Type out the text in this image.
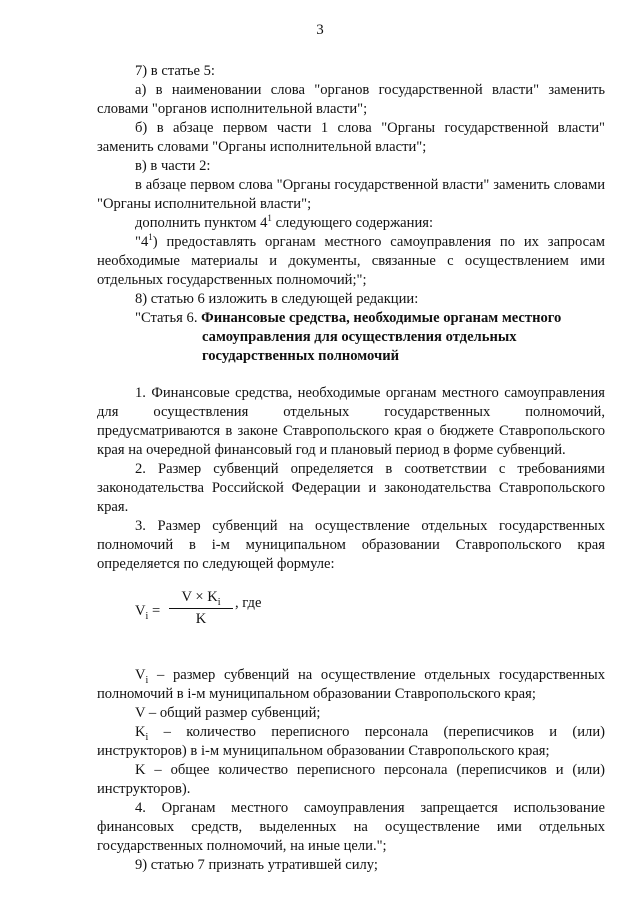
3

7) в статье 5:

а) в наименовании слова "органов государственной власти" заменить словами "органов исполнительной власти";

б) в абзаце первом части 1 слова "Органы государственной власти" заменить словами "Органы исполнительной власти";

в) в части 2:

в абзаце первом слова "Органы государственной власти" заменить словами "Органы исполнительной власти";

дополнить пунктом $4^1$ следующего содержания:

"$4^1$) предоставлять органам местного самоуправления по их запросам необходимые материалы и документы, связанные с осуществлением ими отдельных государственных полномочий;";

8) статью 6 изложить в следующей редакции:

"Статья 6. Финансовые средства, необходимые органам местного

самоуправления для осуществления отдельных государственных полномочий

1. Финансовые средства, необходимые органам местного самоуправления для осуществления отдельных государственных полномочий, предусматриваются в законе Ставропольского края о бюджете Ставропольского края на очередной финансовый год и плановый период в форме субвенций.

2. Размер субвенций определяется в соответствии с требованиями законодательства Российской Федерации и законодательства Ставропольского края.

3. Размер субвенций на осуществление отдельных государственных полномочий в i-м муниципальном образовании Ставропольского края определяется по следующей формуле:

$V_i = \frac{V \times K_i}{K}$ , где

$V_i$ – размер субвенций на осуществление отдельных государственных полномочий в i-м муниципальном образовании Ставропольского края;

V – общий размер субвенций;

$K_i$ – количество переписного персонала (переписчиков и (или) инструкторов) в i-м муниципальном образовании Ставропольского края;

K – общее количество переписного персонала (переписчиков и (или) инструкторов).

4. Органам местного самоуправления запрещается использование финансовых средств, выделенных на осуществление ими отдельных государственных полномочий, на иные цели.";

9) статью 7 признать утратившей силу;
